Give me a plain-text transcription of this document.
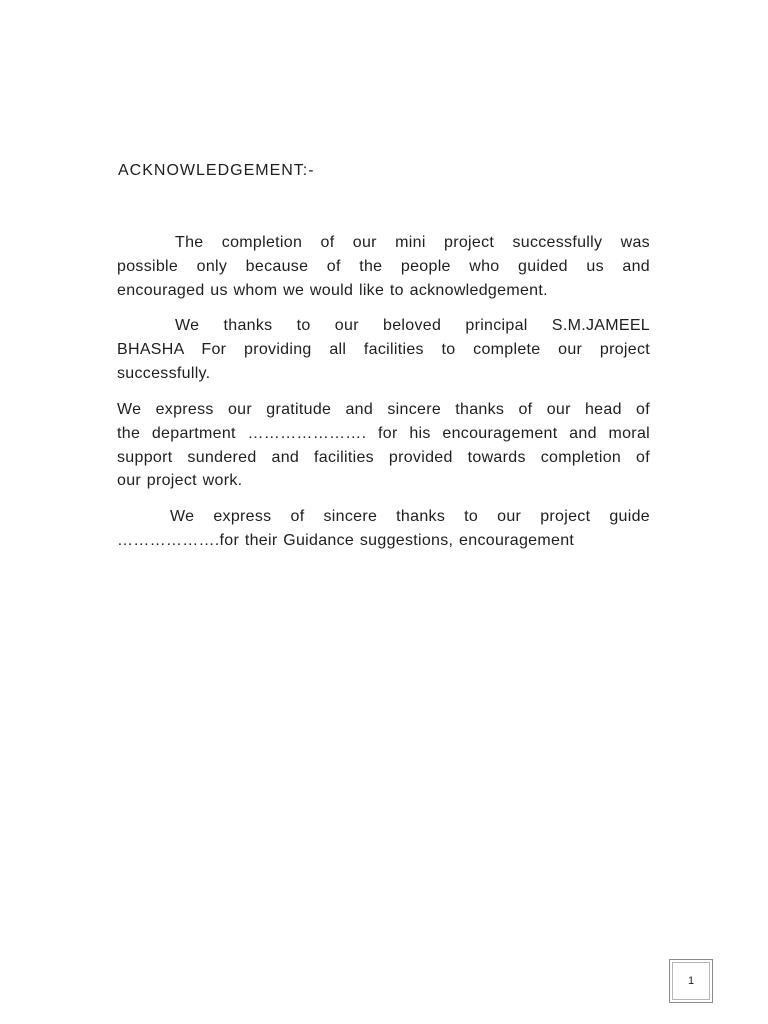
ACKNOWLEDGEMENT:-
The completion of our mini project successfully was
possible only because of the people who guided us and
encouraged us whom we would like to acknowledgement.
We thanks to our beloved principal S.M.JAMEEL
BHASHA For providing all facilities to complete our project
successfully.
We express our gratitude and sincere thanks of our head of
the department …………………. for his encouragement and moral
support sundered and facilities provided towards completion of
our project work.
We express of sincere thanks to our project guide
……………….for their Guidance suggestions, encouragement
1
